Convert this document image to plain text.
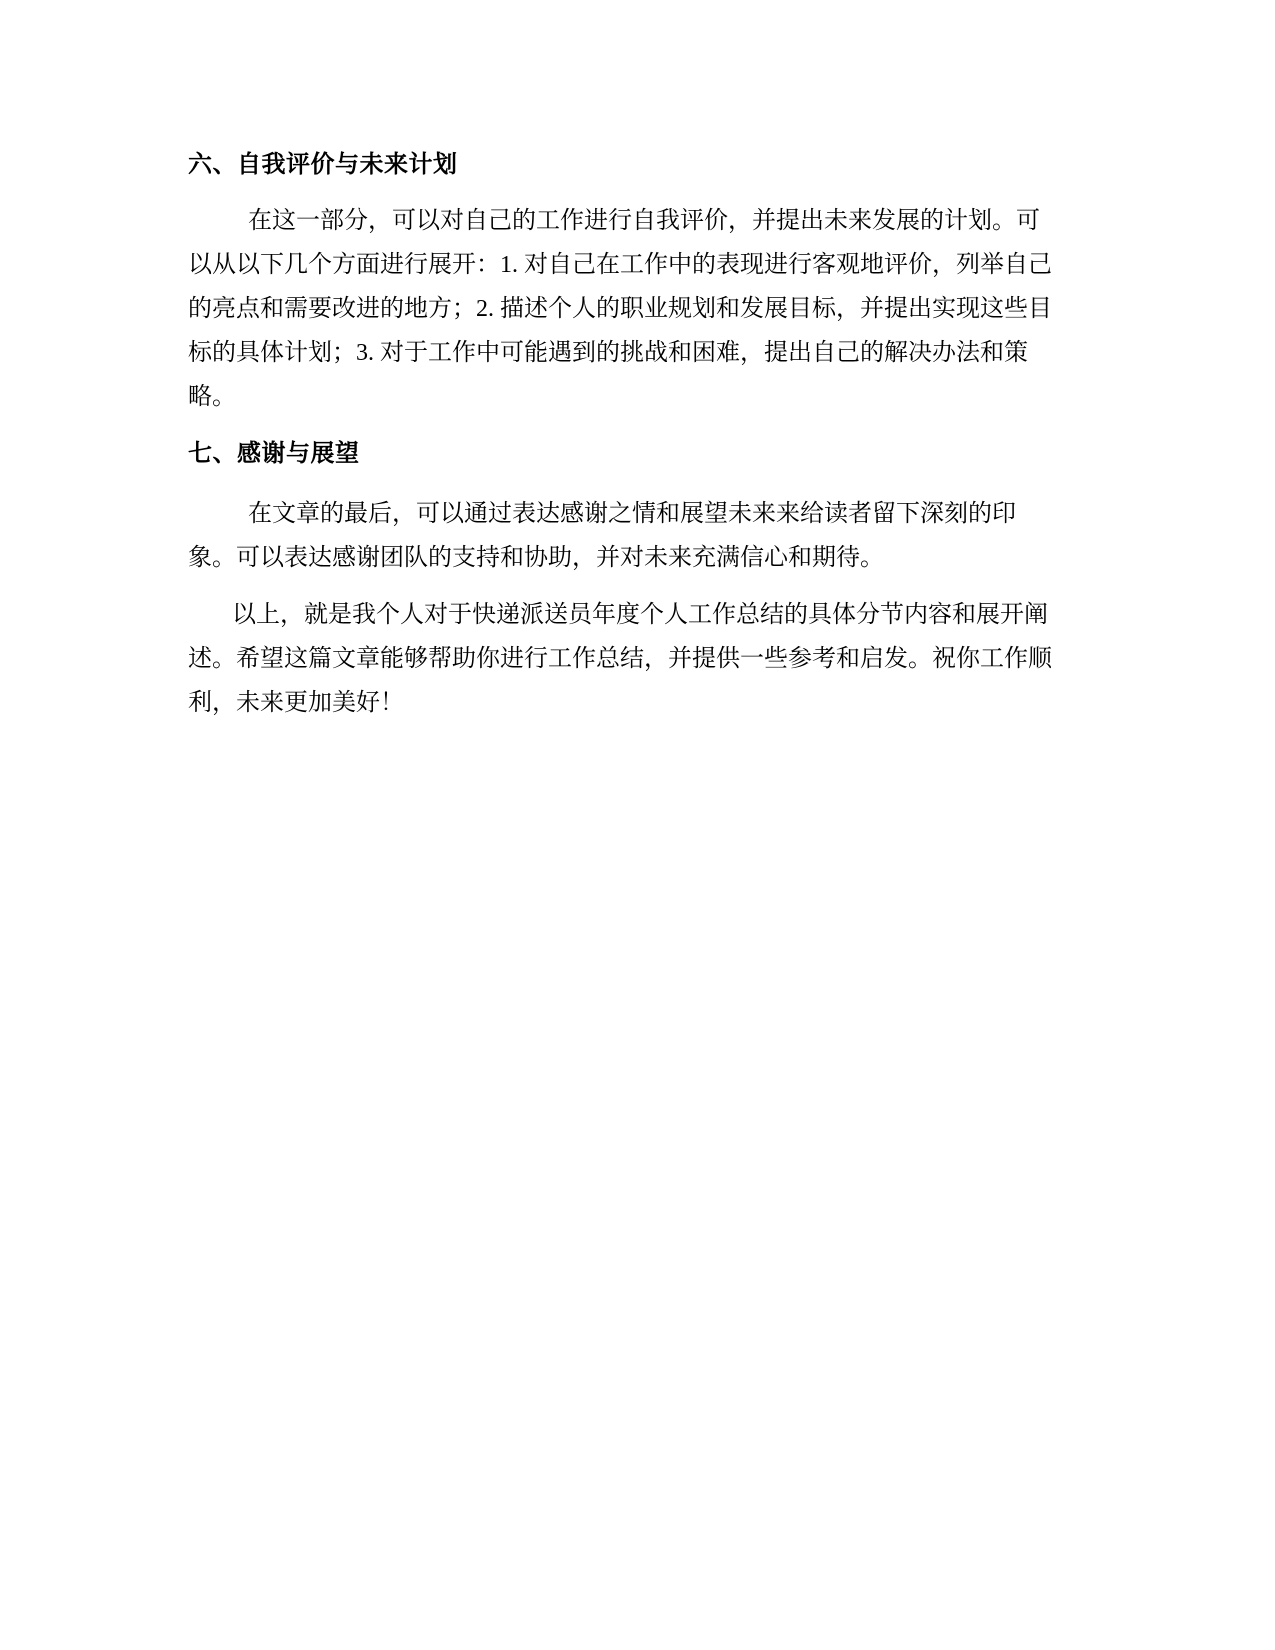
六、自我评价与未来计划
在这一部分，可以对自己的工作进行自我评价，并提出未来发展的计划。可
以从以下几个方面进行展开：1. 对自己在工作中的表现进行客观地评价，列举自己
的亮点和需要改进的地方；2. 描述个人的职业规划和发展目标，并提出实现这些目
标的具体计划；3. 对于工作中可能遇到的挑战和困难，提出自己的解决办法和策
略。
七、感谢与展望
在文章的最后，可以通过表达感谢之情和展望未来来给读者留下深刻的印
象。可以表达感谢团队的支持和协助，并对未来充满信心和期待。
以上，就是我个人对于快递派送员年度个人工作总结的具体分节内容和展开阐
述。希望这篇文章能够帮助你进行工作总结，并提供一些参考和启发。祝你工作顺
利，未来更加美好！
